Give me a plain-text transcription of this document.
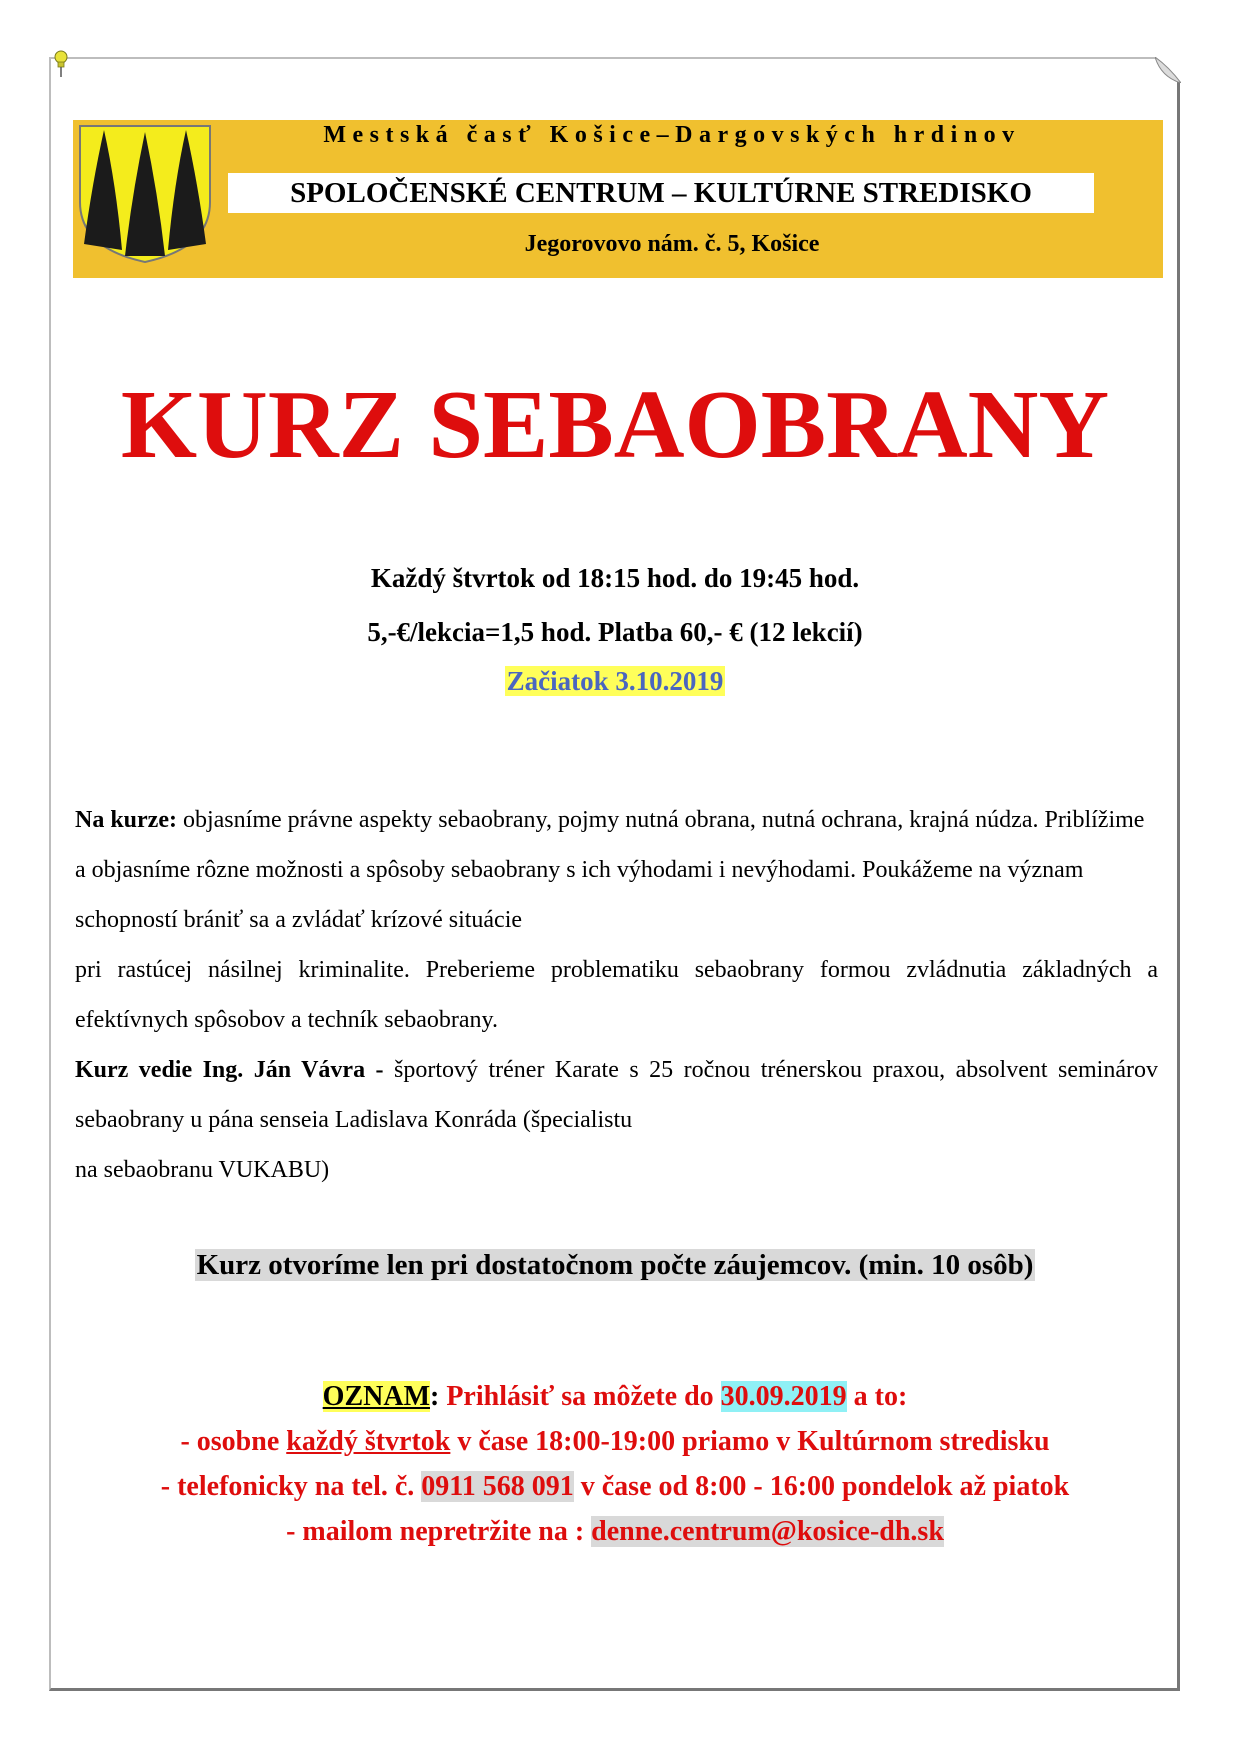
Mestská časť Košice–Dargovských hrdinov
SPOLOČENSKÉ CENTRUM – KULTÚRNE STREDISKO
Jegorovovo nám. č. 5, Košice
KURZ SEBAOBRANY
Každý štvrtok od 18:15 hod. do 19:45 hod.
5,-€/lekcia=1,5 hod. Platba 60,- € (12 lekcií)
Začiatok 3.10.2019

Na kurze: objasníme právne aspekty sebaobrany, pojmy nutná obrana, nutná ochrana, krajná núdza. Priblížime a objasníme rôzne možnosti a spôsoby sebaobrany s ich výhodami i nevýhodami. Poukážeme na význam schopností brániť sa a zvládať krízové situácie

pri rastúcej násilnej kriminalite. Preberieme problematiku sebaobrany formou zvládnutia základných a efektívnych spôsobov a techník sebaobrany.

Kurz vedie Ing. Ján Vávra - športový tréner Karate s 25 ročnou trénerskou praxou, absolvent seminárov sebaobrany u pána senseia Ladislava Konráda (špecialistu

na sebaobranu VUKABU)

Kurz otvoríme len pri dostatočnom počte záujemcov. (min. 10 osôb)
OZNAM: Prihlásiť sa môžete do 30.09.2019 a to:
- osobne každý štvrtok v čase 18:00-19:00 priamo v Kultúrnom stredisku
- telefonicky na tel. č. 0911 568 091 v čase od 8:00 - 16:00 pondelok až piatok
- mailom nepretržite na : denne.centrum@kosice-dh.sk
